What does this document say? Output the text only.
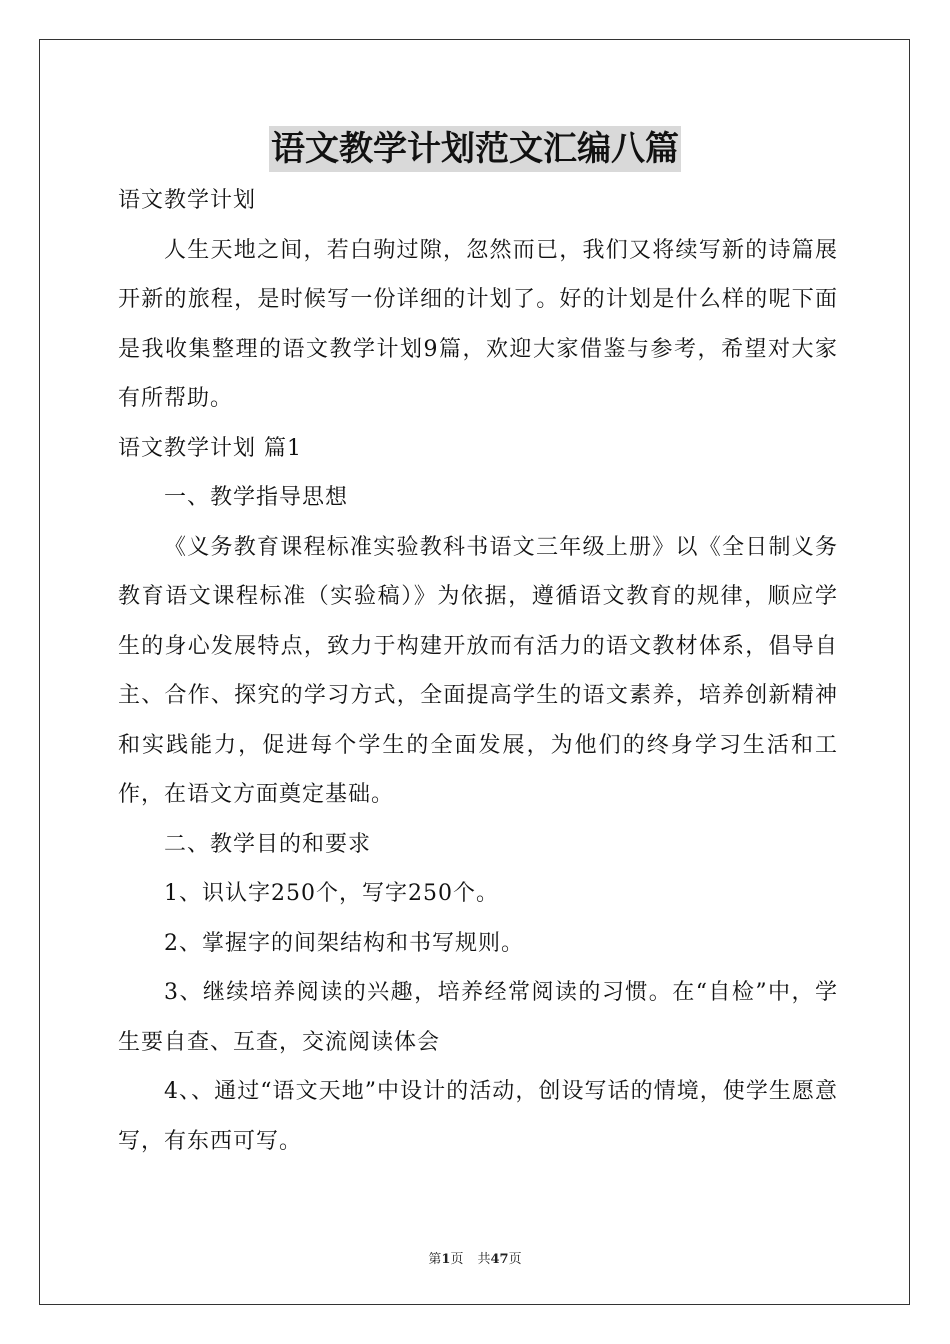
语文教学计划范文汇编八篇

语文教学计划

人生天地之间，若白驹过隙，忽然而已，我们又将续写新的诗篇展开新的旅程，是时候写一份详细的计划了。好的计划是什么样的呢下面是我收集整理的语文教学计划9篇，欢迎大家借鉴与参考，希望对大家有所帮助。

语文教学计划 篇1

一、教学指导思想

《义务教育课程标准实验教科书语文三年级上册》以《全日制义务教育语文课程标准（实验稿）》为依据，遵循语文教育的规律，顺应学生的身心发展特点，致力于构建开放而有活力的语文教材体系，倡导自主、合作、探究的学习方式，全面提高学生的语文素养，培养创新精神和实践能力，促进每个学生的全面发展，为他们的终身学习生活和工作，在语文方面奠定基础。

二、教学目的和要求

1、识认字250个，写字250个。

2、掌握字的间架结构和书写规则。

3、继续培养阅读的兴趣，培养经常阅读的习惯。在“自检”中，学生要自查、互查，交流阅读体会

4、、通过“语文天地”中设计的活动，创设写话的情境，使学生愿意写，有东西可写。

第1页 共47页
